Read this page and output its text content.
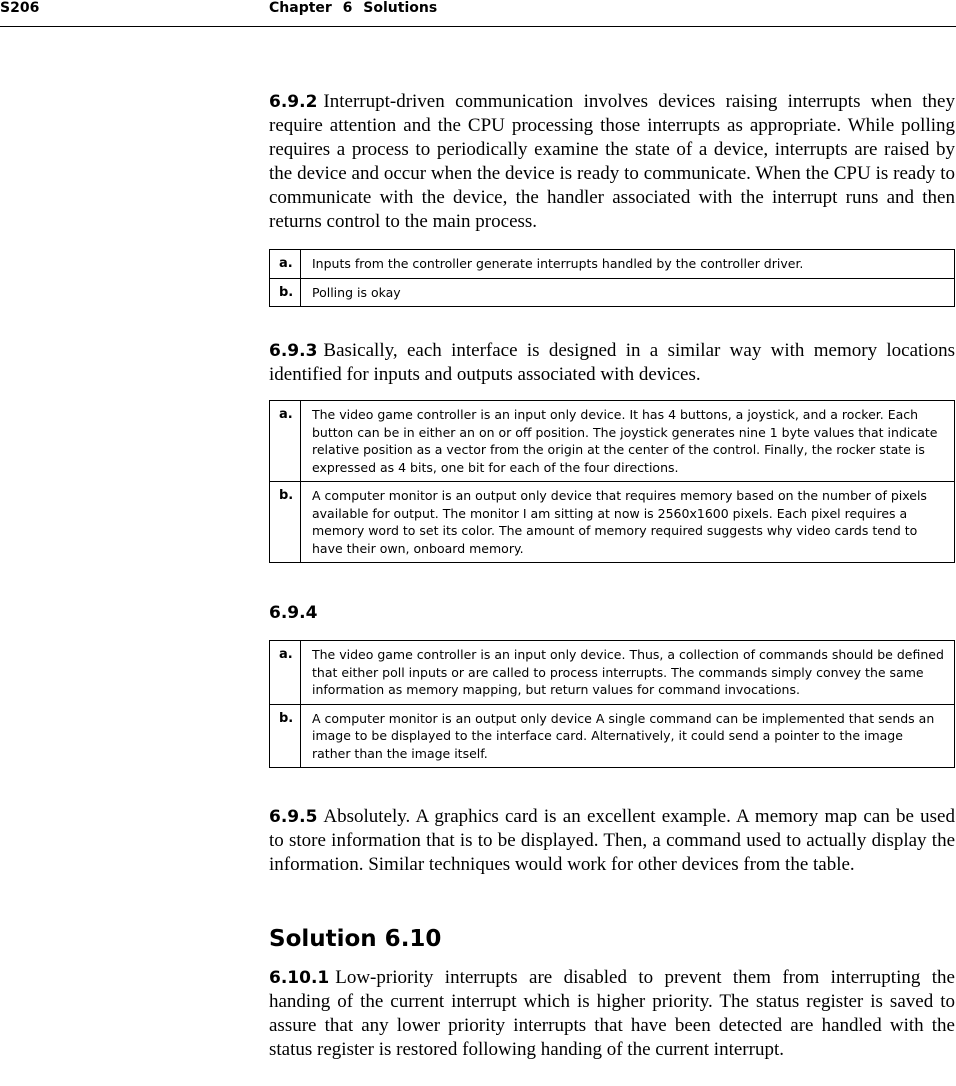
S206	Chapter 6 Solutions

6.9.2 Interrupt-driven communication involves devices raising interrupts when they require attention and the CPU processing those interrupts as appropriate. While polling requires a process to periodically examine the state of a device, interrupts are raised by the device and occur when the device is ready to communicate. When the CPU is ready to communicate with the device, the handler associated with the interrupt runs and then returns control to the main process.

a.	Inputs from the controller generate interrupts handled by the controller driver.
b.	Polling is okay

6.9.3 Basically, each interface is designed in a similar way with memory locations identified for inputs and outputs associated with devices.

a.	The video game controller is an input only device. It has 4 buttons, a joystick, and a rocker. Each button can be in either an on or off position. The joystick generates nine 1 byte values that indicate relative position as a vector from the origin at the center of the control. Finally, the rocker state is expressed as 4 bits, one bit for each of the four directions.
b.	A computer monitor is an output only device that requires memory based on the number of pixels available for output. The monitor I am sitting at now is 2560x1600 pixels. Each pixel requires a memory word to set its color. The amount of memory required suggests why video cards tend to have their own, onboard memory.
6.9.4
a.	The video game controller is an input only device. Thus, a collection of commands should be defined that either poll inputs or are called to process interrupts. The commands simply convey the same information as memory mapping, but return values for command invocations.
b.	A computer monitor is an output only device A single command can be implemented that sends an image to be displayed to the interface card. Alternatively, it could send a pointer to the image rather than the image itself.

6.9.5 Absolutely. A graphics card is an excellent example. A memory map can be used to store information that is to be displayed. Then, a command used to actually display the information. Similar techniques would work for other devices from the table.

Solution 6.10

6.10.1 Low-priority interrupts are disabled to prevent them from interrupting the handing of the current interrupt which is higher priority. The status register is saved to assure that any lower priority interrupts that have been detected are handled with the status register is restored following handing of the current interrupt.
